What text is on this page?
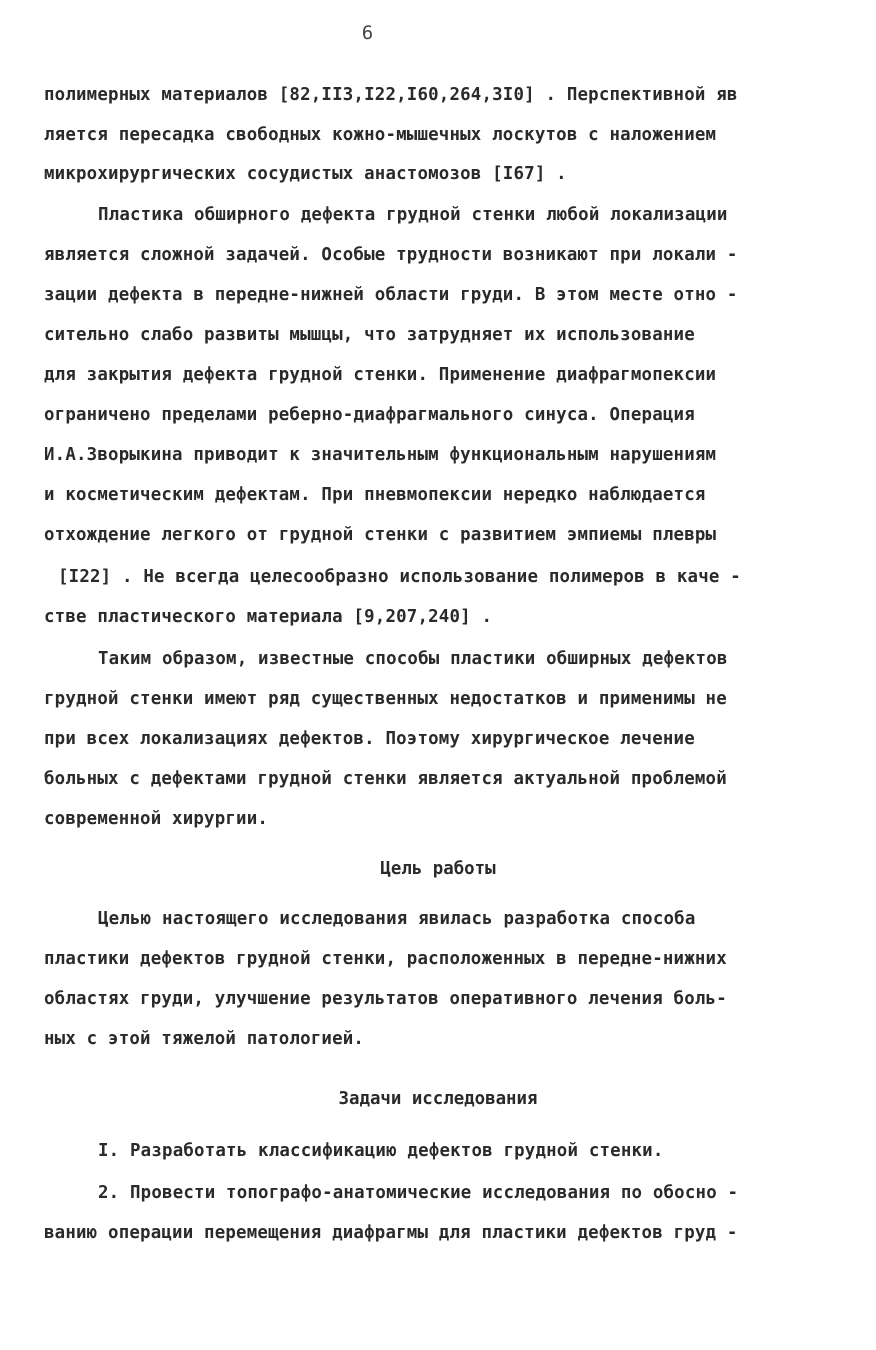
6
полимерных материалов [82,II3,I22,I60,264,3I0] . Перспективной яв
ляется пересадка свободных кожно-мышечных лоскутов с наложением
микрохирургических сосудистых анастомозов [I67] .
Пластика обширного дефекта грудной стенки любой локализации
является сложной задачей. Особые трудности возникают при локали -
зации дефекта в передне-нижней области груди. В этом месте отно -
сительно слабо развиты мышцы, что затрудняет их использование
для закрытия дефекта грудной стенки. Применение диафрагмопексии
ограничено пределами реберно-диафрагмального синуса. Операция
И.А.Зворыкина приводит к значительным функциональным нарушениям
и косметическим дефектам. При пневмопексии нередко наблюдается
отхождение легкого от грудной стенки с развитием эмпиемы плевры
[I22] . Не всегда целесообразно использование полимеров в каче -
стве пластического материала [9,207,240] .
Таким образом, известные способы пластики обширных дефектов
грудной стенки имеют ряд существенных недостатков и применимы не
при всех локализациях дефектов. Поэтому хирургическое лечение
больных с дефектами грудной стенки является актуальной проблемой
современной хирургии.
Цель работы
Целью настоящего исследования явилась разработка способа
пластики дефектов грудной стенки, расположенных в передне-нижних
областях груди, улучшение результатов оперативного лечения боль-
ных с этой тяжелой патологией.
Задачи исследования
I. Разработать классификацию дефектов грудной стенки.
2. Провести топографо-анатомические исследования по обосно -
ванию операции перемещения диафрагмы для пластики дефектов груд -
